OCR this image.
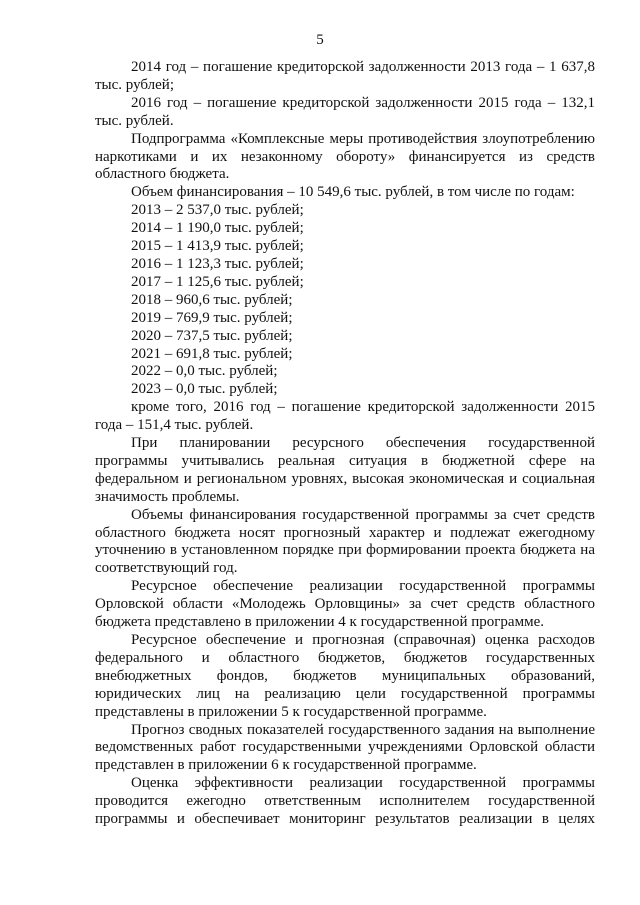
5

2014 год – погашение кредиторской задолженности 2013 года – 1 637,8 тыс. рублей;

2016 год – погашение кредиторской задолженности 2015 года – 132,1 тыс. рублей.

Подпрограмма «Комплексные меры противодействия злоупотреблению наркотиками и их незаконному обороту» финансируется из средств областного бюджета.

Объем финансирования – 10 549,6 тыс. рублей, в том числе по годам:

2013 – 2 537,0 тыс. рублей;

2014 – 1 190,0 тыс. рублей;

2015 – 1 413,9 тыс. рублей;

2016 – 1 123,3 тыс. рублей;

2017 – 1 125,6 тыс. рублей;

2018 – 960,6 тыс. рублей;

2019 – 769,9 тыс. рублей;

2020 – 737,5 тыс. рублей;

2021 – 691,8 тыс. рублей;

2022 – 0,0 тыс. рублей;

2023 – 0,0 тыс. рублей;

кроме того, 2016 год – погашение кредиторской задолженности 2015 года – 151,4 тыс. рублей.

При планировании ресурсного обеспечения государственной программы учитывались реальная ситуация в бюджетной сфере на федеральном и региональном уровнях, высокая экономическая и социальная значимость проблемы.

Объемы финансирования государственной программы за счет средств областного бюджета носят прогнозный характер и подлежат ежегодному уточнению в установленном порядке при формировании проекта бюджета на соответствующий год.

Ресурсное обеспечение реализации государственной программы Орловской области «Молодежь Орловщины» за счет средств областного бюджета представлено в приложении 4 к государственной программе.

Ресурсное обеспечение и прогнозная (справочная) оценка расходов федерального и областного бюджетов, бюджетов государственных внебюджетных фондов, бюджетов муниципальных образований, юридических лиц на реализацию цели государственной программы представлены в приложении 5 к государственной программе.

Прогноз сводных показателей государственного задания на выполнение ведомственных работ государственными учреждениями Орловской области представлен в приложении 6 к государственной программе.

Оценка эффективности реализации государственной программы проводится ежегодно ответственным исполнителем государственной программы и обеспечивает мониторинг результатов реализации в целях
